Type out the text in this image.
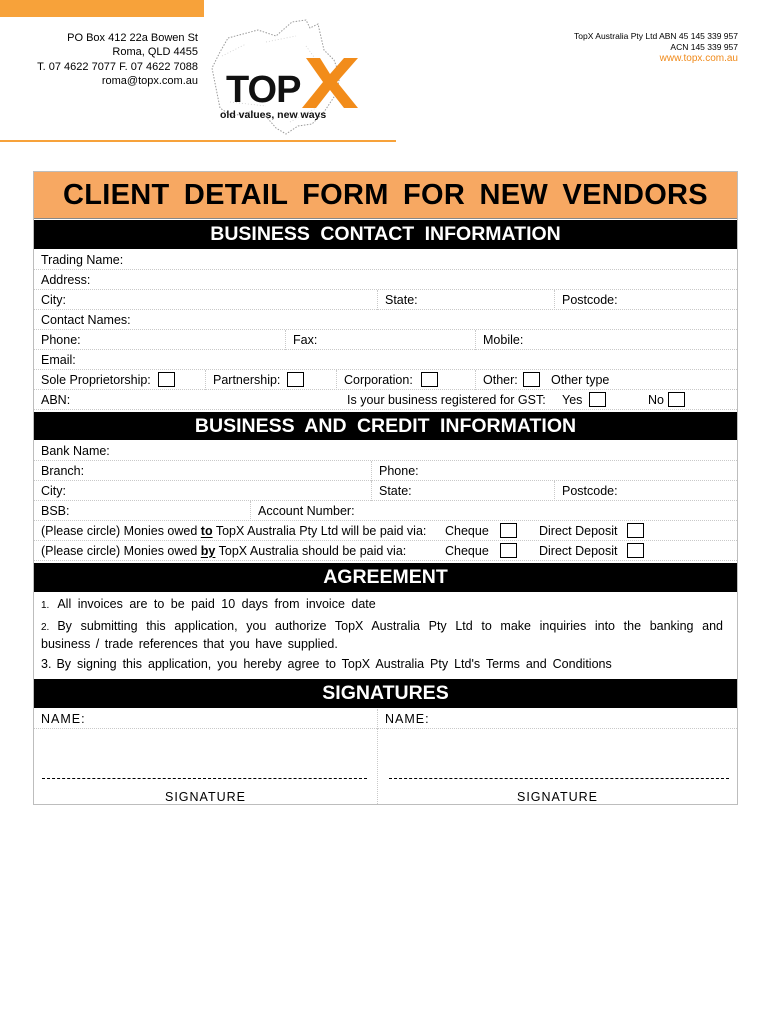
PO Box 412 22a Bowen St
Roma, QLD 4455
T. 07 4622 7077 F. 07 4622 7088
roma@topx.com.au TOP
old values, new ways
TopX Australia Pty Ltd ABN 45 145 339 957
ACN 145 339 957
www.topx.com.au
CLIENT DETAIL FORM FOR NEW VENDORS
BUSINESS CONTACT INFORMATION
Trading Name:
Address:
City:	State:	Postcode:
Contact Names:
Phone:	Fax:	Mobile:
Email:
Sole Proprietorship:	Partnership:	Corporation:	Other:	Other type
ABN:	Is your business registered for GST:	Yes	No
BUSINESS AND CREDIT INFORMATION
Bank Name:
Branch:	Phone:
City:	State:	Postcode:
BSB:	Account Number:
(Please circle) Monies owed to TopX Australia Pty Ltd will be paid via:	Cheque	Direct Deposit
(Please circle) Monies owed by TopX Australia should be paid via:	Cheque	Direct Deposit
AGREEMENT
1. All invoices are to be paid 10 days from invoice date
2. By submitting this application, you authorize TopX Australia Pty Ltd to make inquiries into the banking and business / trade references that you have supplied.
3. By signing this application, you hereby agree to TopX Australia Pty Ltd's Terms and Conditions
SIGNATURES
NAME:	NAME:
SIGNATURE	SIGNATURE
